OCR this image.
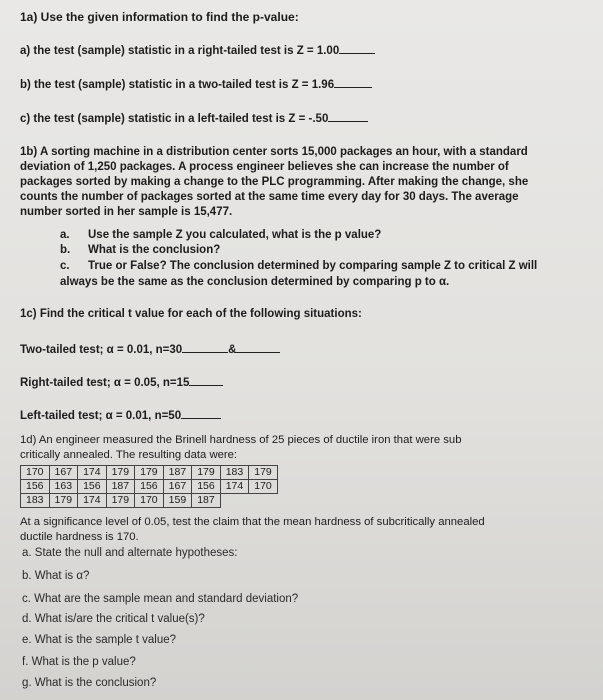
1a) Use the given information to find the p-value:
a) the test (sample) statistic in a right-tailed test is Z = 1.00
b) the test (sample) statistic in a two-tailed test is Z = 1.96
c) the test (sample) statistic in a left-tailed test is Z = -.50
1b) A sorting machine in a distribution center sorts 15,000 packages an hour, with a standard deviation of 1,250 packages. A process engineer believes she can increase the number of packages sorted by making a change to the PLC programming. After making the change, she counts the number of packages sorted at the same time every day for 30 days. The average number sorted in her sample is 15,477.
a. Use the sample Z you calculated, what is the p value?
b. What is the conclusion?
c. True or False? The conclusion determined by comparing sample Z to critical Z will
always be the same as the conclusion determined by comparing p to α.
1c) Find the critical t value for each of the following situations:
Two-tailed test; α = 0.01, n=30	&
Right-tailed test; α = 0.05, n=15
Left-tailed test; α = 0.01, n=50
1d) An engineer measured the Brinell hardness of 25 pieces of ductile iron that were sub
critically annealed. The resulting data were:
170	167	174	179	179	187	179	183	179
156	163	156	187	156	167	156	174	170
183	179	174	179	170	159	187		
At a significance level of 0.05, test the claim that the mean hardness of subcritically annealed
ductile hardness is 170.
a. State the null and alternate hypotheses:
b. What is α?
c. What are the sample mean and standard deviation?
d. What is/are the critical t value(s)?
e. What is the sample t value?
f. What is the p value?
g. What is the conclusion?
